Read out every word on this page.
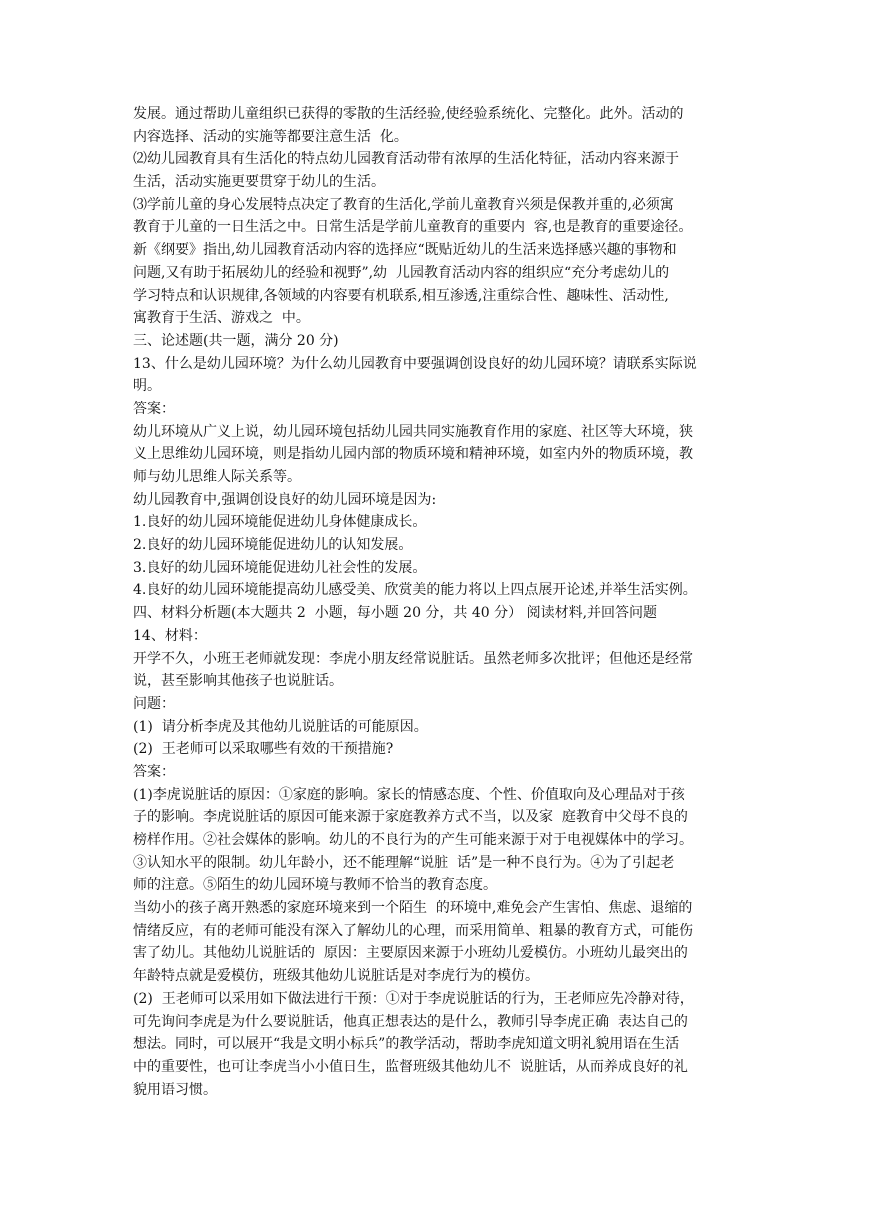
发展。通过帮助儿童组织已获得的零散的生活经验,使经验系统化、完整化。此外。活动的
内容选择、活动的实施等都要注意生活  化。
⑵幼儿园教育具有生活化的特点幼儿园教育活动带有浓厚的生活化特征，活动内容来源于
生活，活动实施更要贯穿于幼儿的生活。
⑶学前儿童的身心发展特点决定了教育的生活化,学前儿童教育兴须是保教并重的,必须寓
教育于儿童的一日生活之中。日常生活是学前儿童教育的重要内  容,也是教育的重要途径。
新《纲要》指出,幼儿园教育活动内容的选择应“既贴近幼儿的生活来选择感兴趣的事物和
问题,又有助于拓展幼儿的经验和视野”,幼  儿园教育活动内容的组织应“充分考虑幼儿的
学习特点和认识规律,各领域的内容要有机联系,相互渗透,注重综合性、趣味性、活动性,
寓教育于生活、游戏之  中。
三、论述题(共一题，满分 20 分)
13、什么是幼儿园环境？为什么幼儿园教育中要强调创设良好的幼儿园环境？请联系实际说
明。
答案：
幼儿环境从广义上说，幼儿园环境包括幼儿园共同实施教育作用的家庭、社区等大环境，狭
义上思维幼儿园环境，则是指幼儿园内部的物质环境和精神环境，如室内外的物质环境，教
师与幼儿思维人际关系等。
幼儿园教育中,强调创设良好的幼儿园环境是因为:
1.良好的幼儿园环境能促进幼儿身体健康成长。
2.良好的幼儿园环境能促进幼儿的认知发展。
3.良好的幼儿园环境能促进幼儿社会性的发展。
4.良好的幼儿园环境能提高幼儿感受美、欣赏美的能力将以上四点展开论述,并举生活实例。
四、材料分析题(本大题共 2  小题，每小题 20 分，共 40 分） 阅读材料,并回答问题
14、材料：
开学不久，小班王老师就发现：李虎小朋友经常说脏话。虽然老师多次批评；但他还是经常
说，甚至影响其他孩子也说脏话。
问题：
(1)  请分析李虎及其他幼儿说脏话的可能原因。
(2)  王老师可以采取哪些有效的干预措施?
答案：
(1)李虎说脏话的原因：①家庭的影响。家长的情感态度、个性、价值取向及心理品对于孩
子的影响。李虎说脏话的原因可能来源于家庭教养方式不当，以及家  庭教育中父母不良的
榜样作用。②社会媒体的影响。幼儿的不良行为的产生可能来源于对于电视媒体中的学习。
③认知水平的限制。幼儿年龄小，还不能理解“说脏  话”是一种不良行为。④为了引起老
师的注意。⑤陌生的幼儿园环境与教师不恰当的教育态度。
当幼小的孩子离开熟悉的家庭环境来到一个陌生  的环境中,难免会产生害怕、焦虑、退缩的
情绪反应，有的老师可能没有深入了解幼儿的心理，而采用简单、粗暴的教育方式，可能伤
害了幼儿。其他幼儿说脏话的  原因：主要原因来源于小班幼儿爱模仿。小班幼儿最突出的
年龄特点就是爱模仿，班级其他幼儿说脏话是对李虎行为的模仿。
(2)  王老师可以采用如下做法进行干预：①对于李虎说脏话的行为，王老师应先冷静对待，
可先询问李虎是为什么要说脏话，他真正想表达的是什么，教师引导李虎正确  表达自己的
想法。同时，可以展开“我是文明小标兵”的教学活动，帮助李虎知道文明礼貌用语在生活
中的重要性，也可让李虎当小小值日生，监督班级其他幼儿不  说脏话，从而养成良好的礼
貌用语习惯。
